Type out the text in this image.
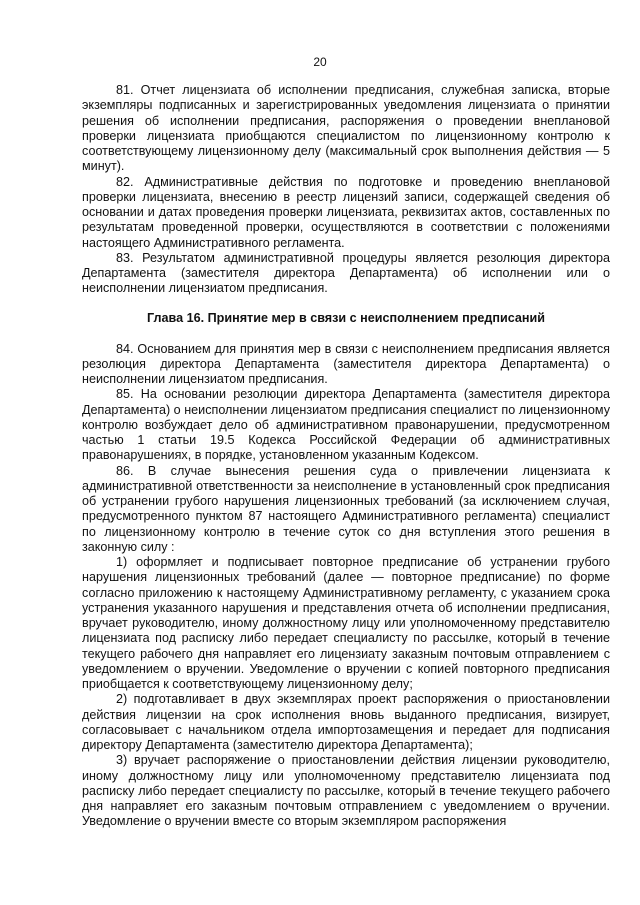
20

81. Отчет лицензиата об исполнении предписания, служебная записка, вторые экземпляры подписанных и зарегистрированных уведомления лицензиата о принятии решения об исполнении предписания, распоряжения о проведении внеплановой проверки лицензиата приобщаются специалистом по лицензионному контролю к соответствующему лицензионному делу (максимальный срок выполнения действия — 5 минут).

82. Административные действия по подготовке и проведению внеплановой проверки лицензиата, внесению в реестр лицензий записи, содержащей сведения об основании и датах проведения проверки лицензиата, реквизитах актов, составленных по результатам проведенной проверки, осуществляются в соответствии с положениями настоящего Административного регламента.

83. Результатом административной процедуры является резолюция директора Департамента (заместителя директора Департамента) об исполнении или о неисполнении лицензиатом предписания.

Глава 16. Принятие мер в связи с неисполнением предписаний

84. Основанием для принятия мер в связи с неисполнением предписания является резолюция директора Департамента (заместителя директора Департамента) о неисполнении лицензиатом предписания.

85. На основании резолюции директора Департамента (заместителя директора Департамента) о неисполнении лицензиатом предписания специалист по лицензионному контролю возбуждает дело об административном правонарушении, предусмотренном частью 1 статьи 19.5 Кодекса Российской Федерации об административных правонарушениях, в порядке, установленном указанным Кодексом.

86. В случае вынесения решения суда о привлечении лицензиата к административной ответственности за неисполнение в установленный срок предписания об устранении грубого нарушения лицензионных требований (за исключением случая, предусмотренного пунктом 87 настоящего Административного регламента) специалист по лицензионному контролю в течение суток со дня вступления этого решения в законную силу :

1) оформляет и подписывает повторное предписание об устранении грубого нарушения лицензионных требований (далее — повторное предписание) по форме согласно приложению к настоящему Административному регламенту, с указанием срока устранения указанного нарушения и представления отчета об исполнении предписания, вручает руководителю, иному должностному лицу или уполномоченному представителю лицензиата под расписку либо передает специалисту по рассылке, который в течение текущего рабочего дня направляет его лицензиату заказным почтовым отправлением с уведомлением о вручении. Уведомление о вручении с копией повторного предписания приобщается к соответствующему лицензионному делу;

2) подготавливает в двух экземплярах проект распоряжения о приостановлении действия лицензии на срок исполнения вновь выданного предписания, визирует, согласовывает с начальником отдела импортозамещения и передает для подписания директору Департамента (заместителю директора Департамента);

3) вручает распоряжение о приостановлении действия лицензии руководителю, иному должностному лицу или уполномоченному представителю лицензиата под расписку либо передает специалисту по рассылке, который в течение текущего рабочего дня направляет его заказным почтовым отправлением с уведомлением о вручении. Уведомление о вручении вместе со вторым экземпляром распоряжения
